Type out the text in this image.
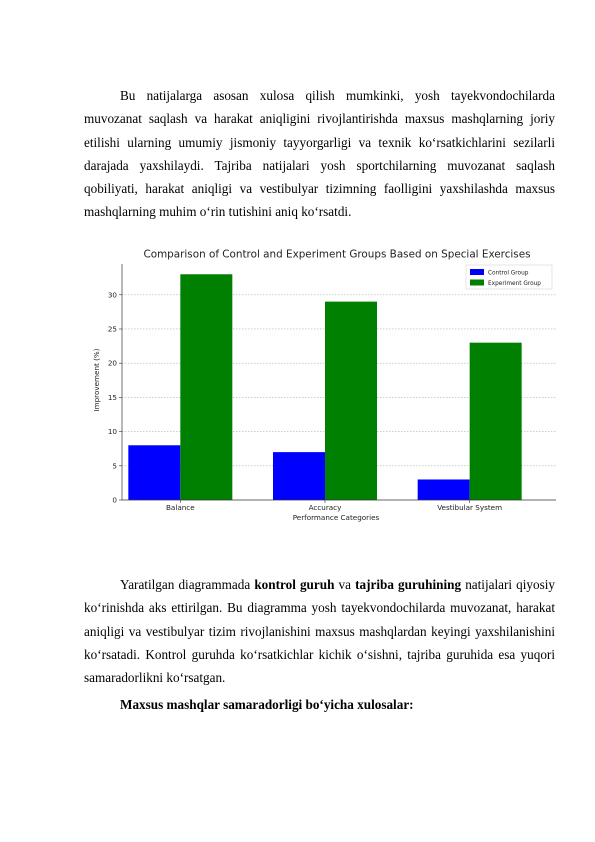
Bu natijalarga asosan xulosa qilish mumkinki, yosh tayekvondochilarda muvozanat saqlash va harakat aniqligini rivojlantirishda maxsus mashqlarning joriy etilishi ularning umumiy jismoniy tayyorgarligi va texnik ko‘rsatkichlarini sezilarli darajada yaxshilaydi. Tajriba natijalari yosh sportchilarning muvozanat saqlash qobiliyati, harakat aniqligi va vestibulyar tizimning faolligini yaxshilashda maxsus mashqlarning muhim o‘rin tutishini aniq ko‘rsatdi.

Comparison of Control and Experiment Groups Based on Special Exercises
0
5
10
15
20
25
30
Balance	Accuracy	Vestibular System
Performance Categories
Improvement (%)
Control Group
Experiment Group

Yaratilgan diagrammada kontrol guruh va tajriba guruhining natijalari qiyosiy ko‘rinishda aks ettirilgan. Bu diagramma yosh tayekvondochilarda muvozanat, harakat aniqligi va vestibulyar tizim rivojlanishini maxsus mashqlardan keyingi yaxshilanishini ko‘rsatadi. Kontrol guruhda ko‘rsatkichlar kichik o‘sishni, tajriba guruhida esa yuqori samaradorlikni ko‘rsatgan.

Maxsus mashqlar samaradorligi bo‘yicha xulosalar:
